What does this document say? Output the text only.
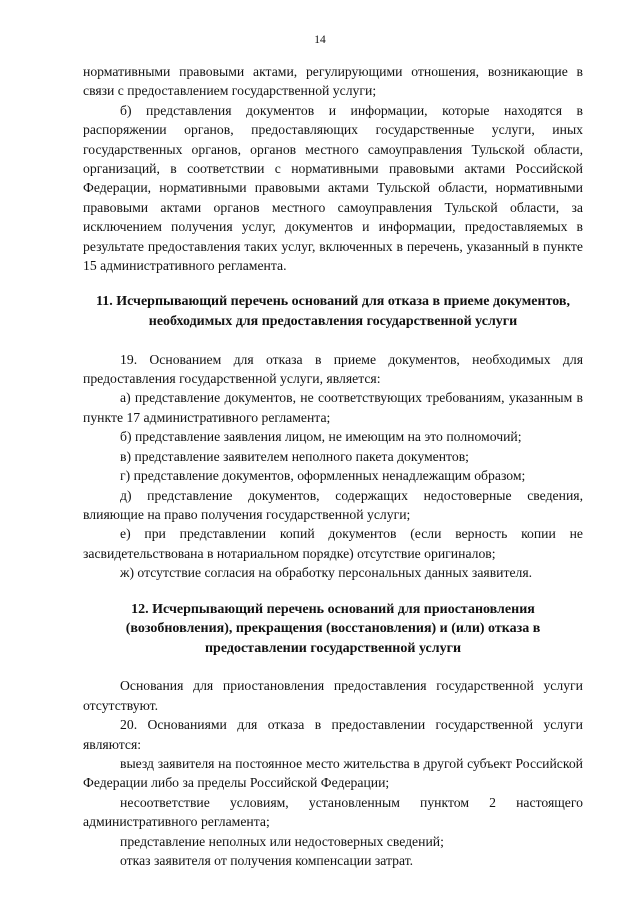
14

нормативными правовыми актами, регулирующими отношения, возникающие в связи с предоставлением государственной услуги;

б) представления документов и информации, которые находятся в распоряжении органов, предоставляющих государственные услуги, иных государственных органов, органов местного самоуправления Тульской области, организаций, в соответствии с нормативными правовыми актами Российской Федерации, нормативными правовыми актами Тульской области, нормативными правовыми актами органов местного самоуправления Тульской области, за исключением получения услуг, документов и информации, предоставляемых в результате предоставления таких услуг, включенных в перечень, указанный в пункте 15 административного регламента.

11. Исчерпывающий перечень оснований для отказа в приеме документов, необходимых для предоставления государственной услуги

19. Основанием для отказа в приеме документов, необходимых для предоставления государственной услуги, является:

а) представление документов, не соответствующих требованиям, указанным в пункте 17 административного регламента;

б) представление заявления лицом, не имеющим на это полномочий;

в) представление заявителем неполного пакета документов;

г) представление документов, оформленных ненадлежащим образом;

д) представление документов, содержащих недостоверные сведения, влияющие на право получения государственной услуги;

е) при представлении копий документов (если верность копии не засвидетельствована в нотариальном порядке) отсутствие оригиналов;

ж) отсутствие согласия на обработку персональных данных заявителя.

12. Исчерпывающий перечень оснований для приостановления (возобновления), прекращения (восстановления) и (или) отказа в предоставлении государственной услуги

Основания для приостановления предоставления государственной услуги отсутствуют.

20. Основаниями для отказа в предоставлении государственной услуги являются:

выезд заявителя на постоянное место жительства в другой субъект Российской Федерации либо за пределы Российской Федерации;

несоответствие условиям, установленным пунктом 2 настоящего административного регламента;

представление неполных или недостоверных сведений;

отказ заявителя от получения компенсации затрат.
